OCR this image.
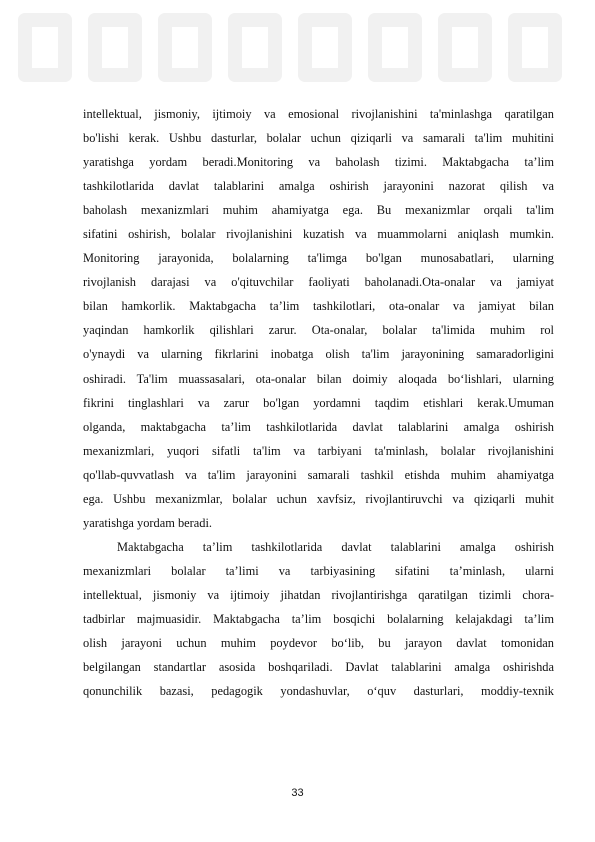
intellektual, jismoniy, ijtimoiy va emosional rivojlanishini ta'minlashga qaratilgan

bo'lishi kerak. Ushbu dasturlar, bolalar uchun qiziqarli va samarali ta'lim muhitini

yaratishga yordam beradi.Monitoring va baholash tizimi. Maktabgacha ta’lim

tashkilotlarida davlat talablarini amalga oshirish jarayonini nazorat qilish va

baholash mexanizmlari muhim ahamiyatga ega. Bu mexanizmlar orqali ta'lim

sifatini oshirish, bolalar rivojlanishini kuzatish va muammolarni aniqlash mumkin.

Monitoring jarayonida, bolalarning ta'limga bo'lgan munosabatlari, ularning

rivojlanish darajasi va o'qituvchilar faoliyati baholanadi.Ota-onalar va jamiyat

bilan hamkorlik. Maktabgacha ta’lim tashkilotlari, ota-onalar va jamiyat bilan

yaqindan hamkorlik qilishlari zarur. Ota-onalar, bolalar ta'limida muhim rol

o'ynaydi va ularning fikrlarini inobatga olish ta'lim jarayonining samaradorligini

oshiradi. Ta'lim muassasalari, ota-onalar bilan doimiy aloqada bo‘lishlari, ularning

fikrini tinglashlari va zarur bo'lgan yordamni taqdim etishlari kerak.Umuman

olganda, maktabgacha ta’lim tashkilotlarida davlat talablarini amalga oshirish

mexanizmlari, yuqori sifatli ta'lim va tarbiyani ta'minlash, bolalar rivojlanishini

qo'llab-quvvatlash va ta'lim jarayonini samarali tashkil etishda muhim ahamiyatga

ega. Ushbu mexanizmlar, bolalar uchun xavfsiz, rivojlantiruvchi va qiziqarli muhit

yaratishga yordam beradi.

Maktabgacha ta’lim tashkilotlarida davlat talablarini amalga oshirish

mexanizmlari bolalar ta’limi va tarbiyasining sifatini ta’minlash, ularni

intellektual, jismoniy va ijtimoiy jihatdan rivojlantirishga qaratilgan tizimli chora-

tadbirlar majmuasidir. Maktabgacha ta’lim bosqichi bolalarning kelajakdagi ta’lim

olish jarayoni uchun muhim poydevor bo‘lib, bu jarayon davlat tomonidan

belgilangan standartlar asosida boshqariladi. Davlat talablarini amalga oshirishda

qonunchilik bazasi, pedagogik yondashuvlar, o‘quv dasturlari, moddiy-texnik

33
